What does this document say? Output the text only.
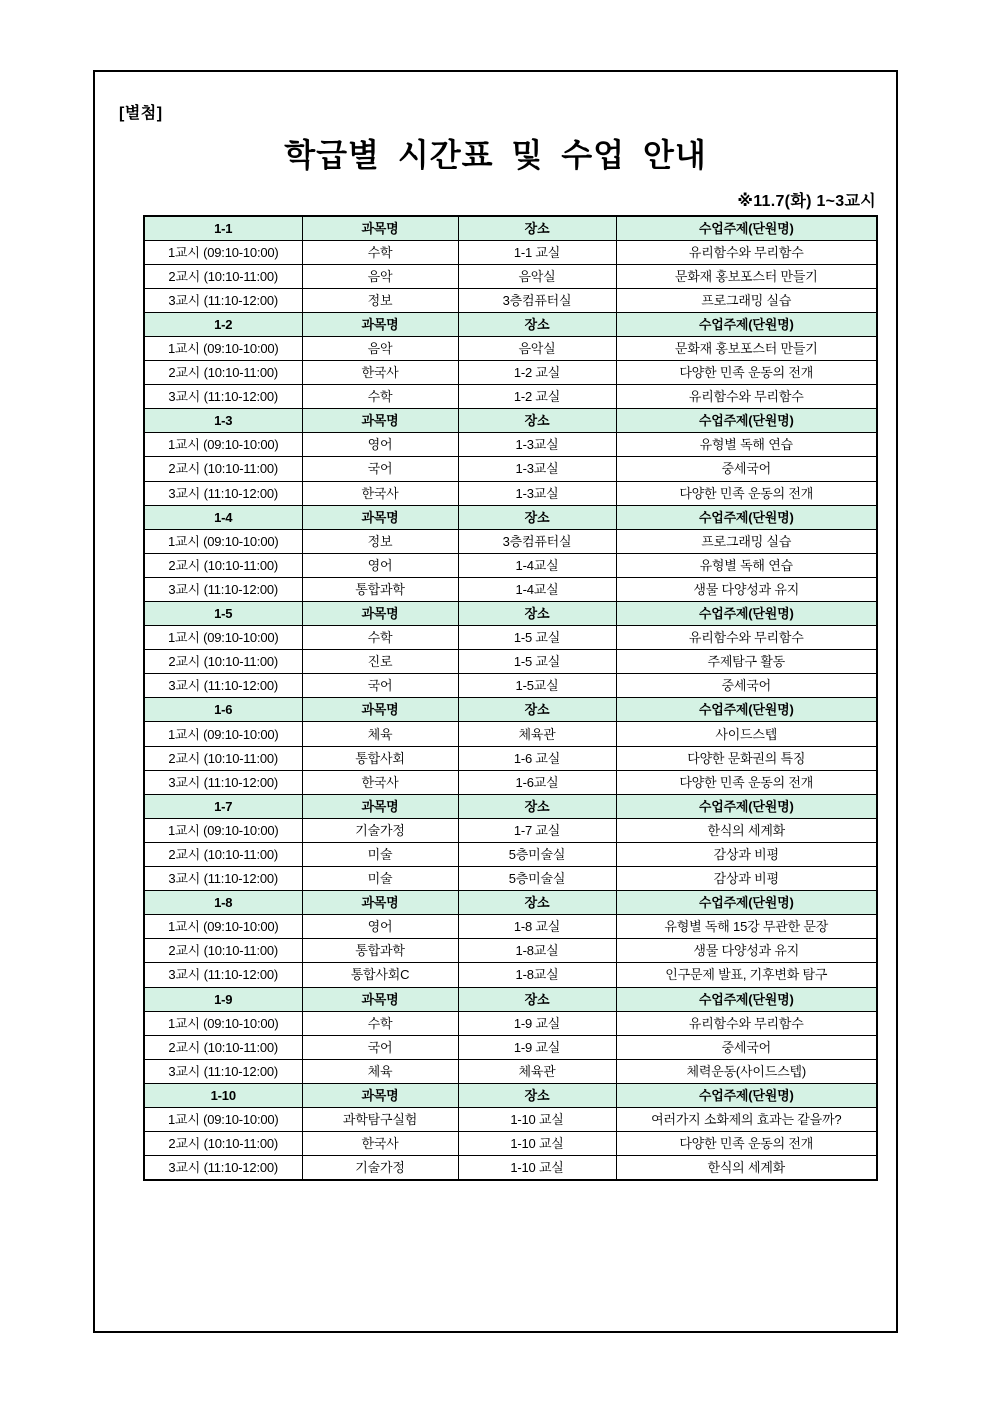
[별첨]
학급별 시간표 및 수업 안내
※11.7(화) 1~3교시
1-1	과목명	장소	수업주제(단원명)
1교시 (09:10-10:00)	수학	1-1 교실	유리함수와 무리함수
2교시 (10:10-11:00)	음악	음악실	문화재 홍보포스터 만들기
3교시 (11:10-12:00)	정보	3층컴퓨터실	프로그래밍 실습
1-2	과목명	장소	수업주제(단원명)
1교시 (09:10-10:00)	음악	음악실	문화재 홍보포스터 만들기
2교시 (10:10-11:00)	한국사	1-2 교실	다양한 민족 운동의 전개
3교시 (11:10-12:00)	수학	1-2 교실	유리함수와 무리함수
1-3	과목명	장소	수업주제(단원명)
1교시 (09:10-10:00)	영어	1-3교실	유형별 독해 연습
2교시 (10:10-11:00)	국어	1-3교실	중세국어
3교시 (11:10-12:00)	한국사	1-3교실	다양한 민족 운동의 전개
1-4	과목명	장소	수업주제(단원명)
1교시 (09:10-10:00)	정보	3층컴퓨터실	프로그래밍 실습
2교시 (10:10-11:00)	영어	1-4교실	유형별 독해 연습
3교시 (11:10-12:00)	통합과학	1-4교실	생물 다양성과 유지
1-5	과목명	장소	수업주제(단원명)
1교시 (09:10-10:00)	수학	1-5 교실	유리함수와 무리함수
2교시 (10:10-11:00)	진로	1-5 교실	주제탐구 활동
3교시 (11:10-12:00)	국어	1-5교실	중세국어
1-6	과목명	장소	수업주제(단원명)
1교시 (09:10-10:00)	체육	체육관	사이드스텝
2교시 (10:10-11:00)	통합사회	1-6 교실	다양한 문화권의 특징
3교시 (11:10-12:00)	한국사	1-6교실	다양한 민족 운동의 전개
1-7	과목명	장소	수업주제(단원명)
1교시 (09:10-10:00)	기술가정	1-7 교실	한식의 세계화
2교시 (10:10-11:00)	미술	5층미술실	감상과 비평
3교시 (11:10-12:00)	미술	5층미술실	감상과 비평
1-8	과목명	장소	수업주제(단원명)
1교시 (09:10-10:00)	영어	1-8 교실	유형별 독해 15강 무관한 문장
2교시 (10:10-11:00)	통합과학	1-8교실	생물 다양성과 유지
3교시 (11:10-12:00)	통합사회C	1-8교실	인구문제 발표, 기후변화 탐구
1-9	과목명	장소	수업주제(단원명)
1교시 (09:10-10:00)	수학	1-9 교실	유리함수와 무리함수
2교시 (10:10-11:00)	국어	1-9 교실	중세국어
3교시 (11:10-12:00)	체육	체육관	체력운동(사이드스텝)
1-10	과목명	장소	수업주제(단원명)
1교시 (09:10-10:00)	과학탐구실험	1-10 교실	여러가지 소화제의 효과는 같을까?
2교시 (10:10-11:00)	한국사	1-10 교실	다양한 민족 운동의 전개
3교시 (11:10-12:00)	기술가정	1-10 교실	한식의 세계화
